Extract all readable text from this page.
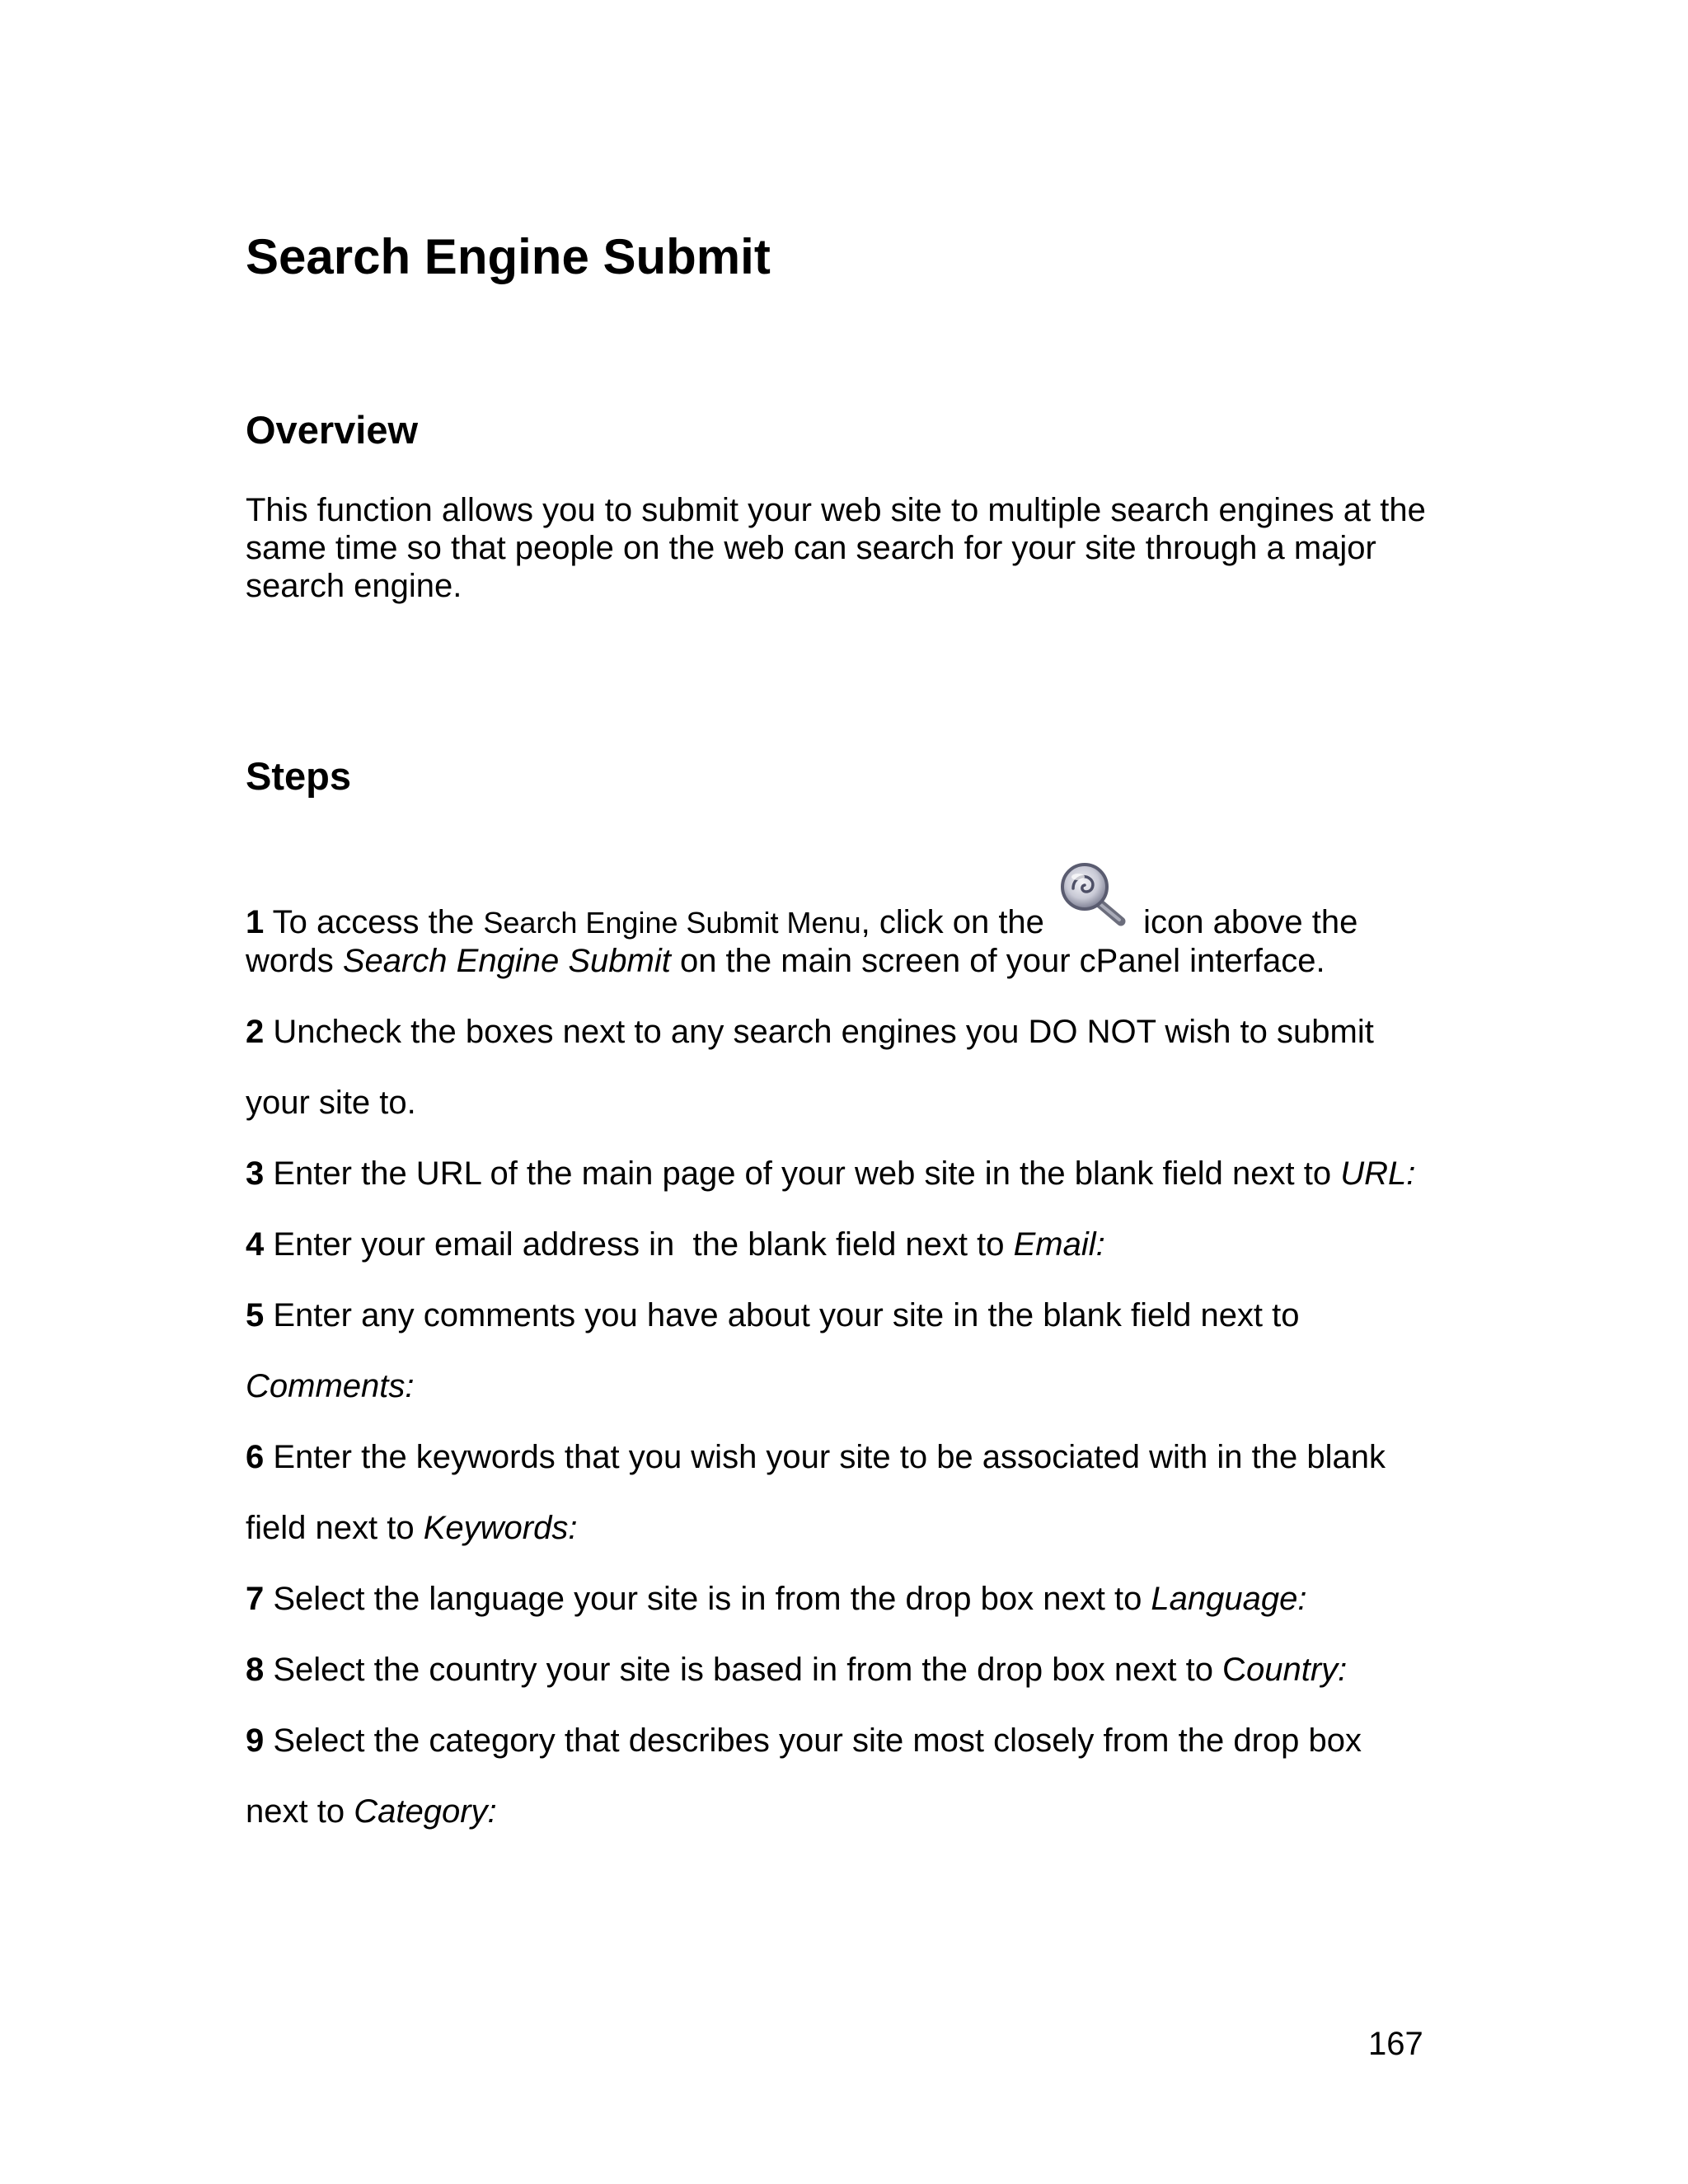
Search Engine Submit
Overview

This function allows you to submit your web site to multiple search engines at the
same time so that people on the web can search for your site through a major
search engine.

Steps

1 To access the Search Engine Submit Menu, click on the  icon above the

words Search Engine Submit on the main screen of your cPanel interface.

2 Uncheck the boxes next to any search engines you DO NOT wish to submit

your site to.

3 Enter the URL of the main page of your web site in the blank field next to URL:

4 Enter your email address in  the blank field next to Email:

5 Enter any comments you have about your site in the blank field next to

Comments:

6 Enter the keywords that you wish your site to be associated with in the blank

field next to Keywords:

7 Select the language your site is in from the drop box next to Language:

8 Select the country your site is based in from the drop box next to Country:

9 Select the category that describes your site most closely from the drop box

next to Category:

167
